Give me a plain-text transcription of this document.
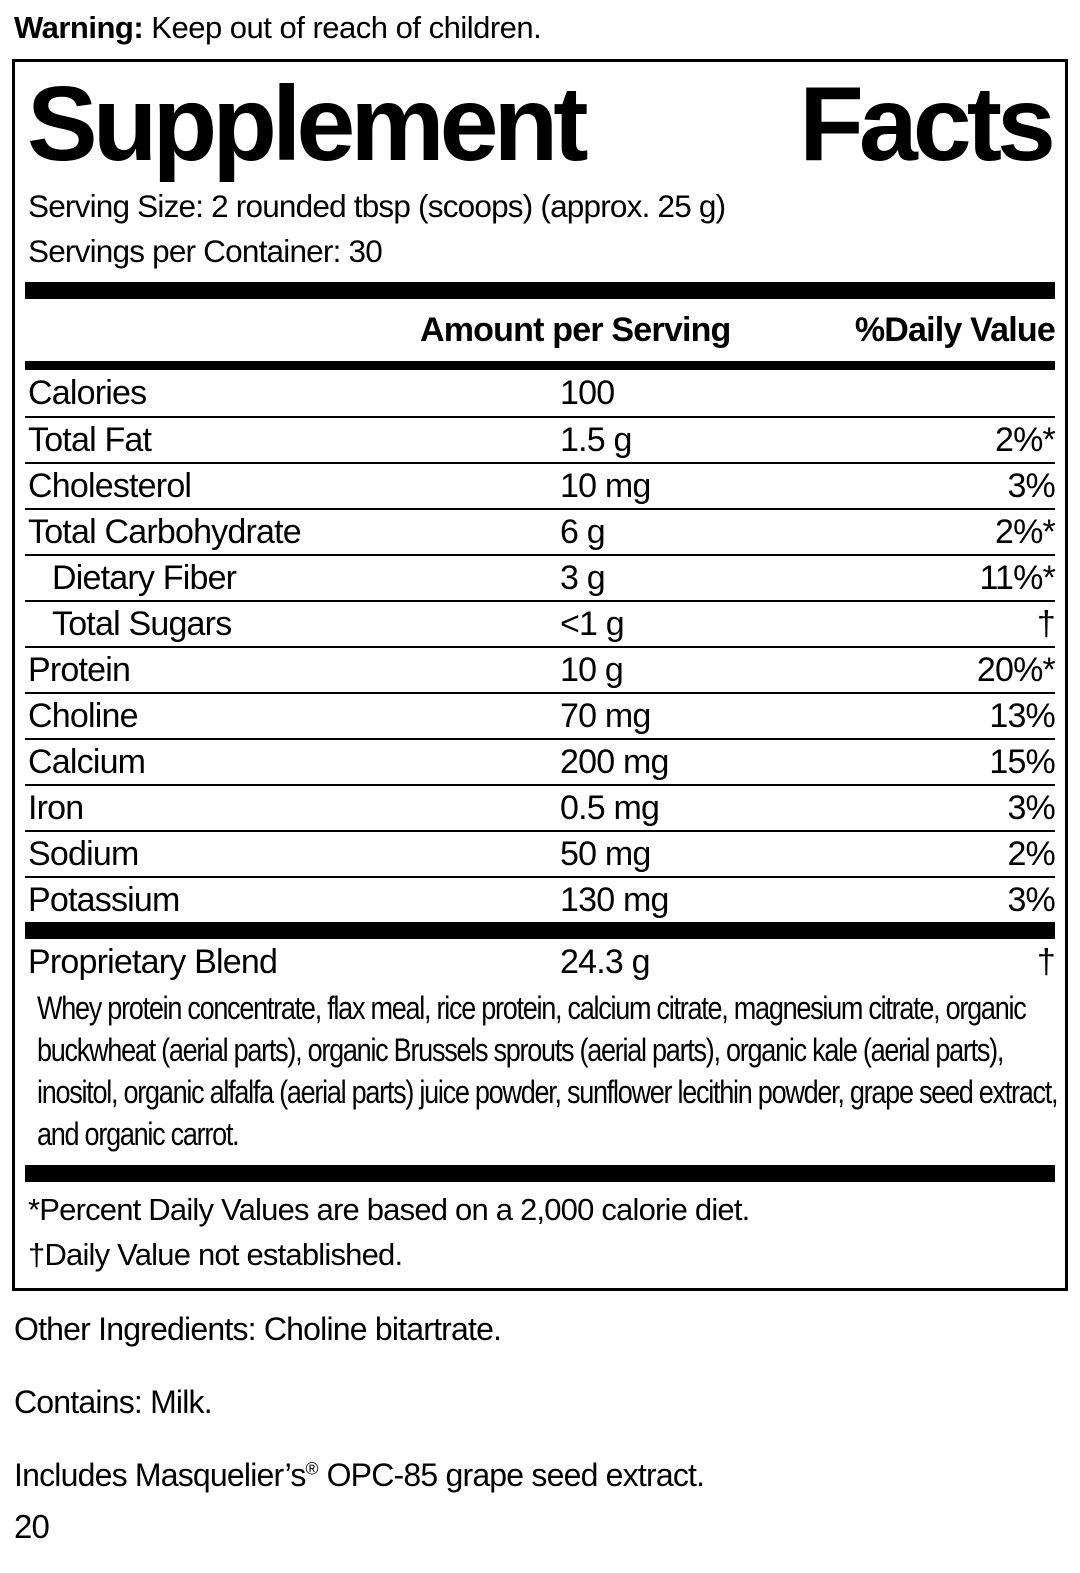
Warning: Keep out of reach of children.
Supplement Facts
Serving Size: 2 rounded tbsp (scoops) (approx. 25 g)
Servings per Container: 30
Amount per Serving	%Daily Value
Calories	100
Total Fat	1.5 g	2%*
Cholesterol	10 mg	3%
Total Carbohydrate	6 g	2%*
Dietary Fiber	3 g	11%*
Total Sugars	<1 g	†
Protein	10 g	20%*
Choline	70 mg	13%
Calcium	200 mg	15%
Iron	0.5 mg	3%
Sodium	50 mg	2%
Potassium	130 mg	3%
Proprietary Blend	24.3 g	†
Whey protein concentrate, flax meal, rice protein, calcium citrate, magnesium citrate, organic buckwheat (aerial parts), organic Brussels sprouts (aerial parts), organic kale (aerial parts), inositol, organic alfalfa (aerial parts) juice powder, sunflower lecithin powder, grape seed extract, and organic carrot.
*Percent Daily Values are based on a 2,000 calorie diet.
†Daily Value not established.
Other Ingredients: Choline bitartrate.
Contains: Milk.
Includes Masquelier’s® OPC-85 grape seed extract.
20
